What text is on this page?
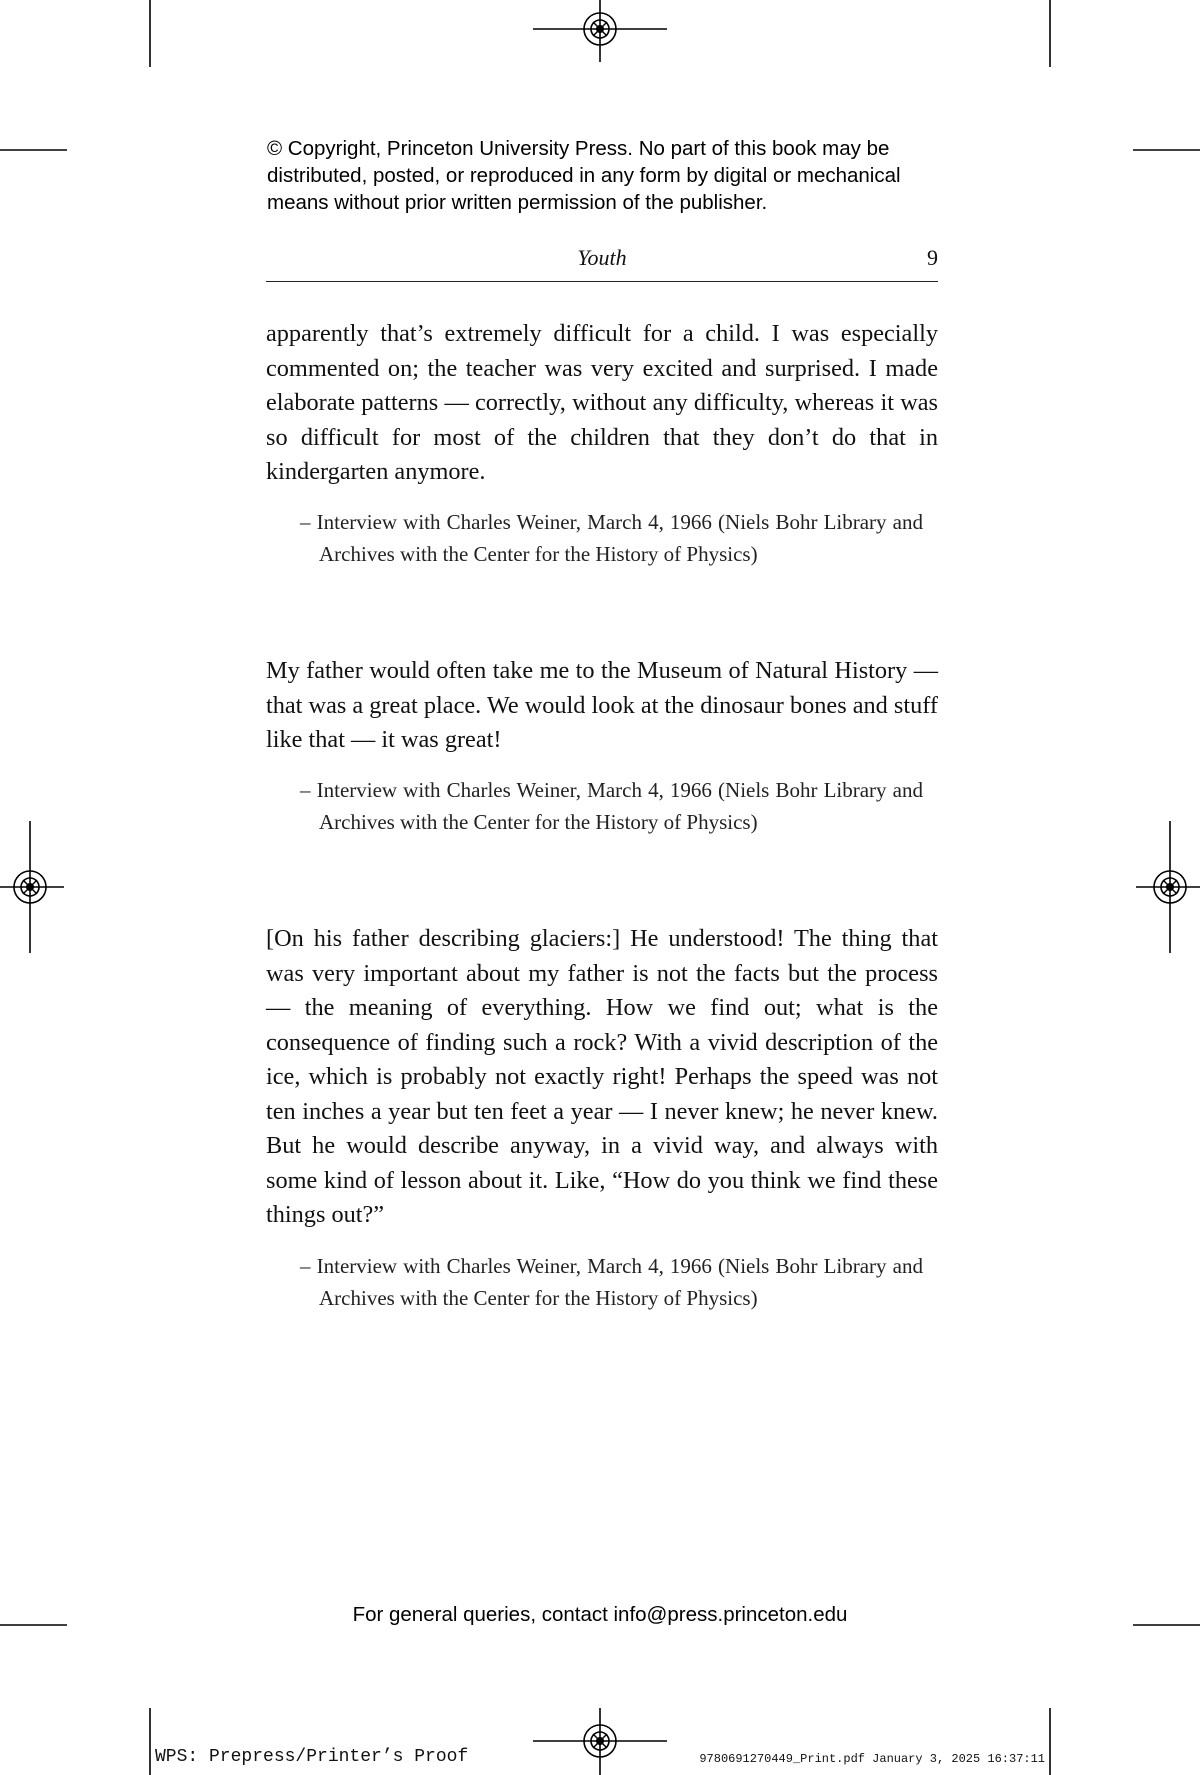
© Copyright, Princeton University Press. No part of this book may be distributed, posted, or reproduced in any form by digital or mechanical means without prior written permission of the publisher.

Youth	9

apparently that’s extremely difficult for a child. I was especially commented on; the teacher was very excited and surprised. I made elaborate patterns — correctly, without any difficulty, whereas it was so difficult for most of the children that they don’t do that in kindergarten anymore.

– Interview with Charles Weiner, March 4, 1966 (Niels Bohr Library and Archives with the Center for the History of Physics)

My father would often take me to the Museum of Natural History — that was a great place. We would look at the dinosaur bones and stuff like that — it was great!

– Interview with Charles Weiner, March 4, 1966 (Niels Bohr Library and Archives with the Center for the History of Physics)

[On his father describing glaciers:] He understood! The thing that was very important about my father is not the facts but the process — the meaning of everything. How we find out; what is the consequence of finding such a rock? With a vivid description of the ice, which is probably not exactly right! Perhaps the speed was not ten inches a year but ten feet a year — I never knew; he never knew. But he would describe anyway, in a vivid way, and always with some kind of lesson about it. Like, “How do you think we find these things out?”

– Interview with Charles Weiner, March 4, 1966 (Niels Bohr Library and Archives with the Center for the History of Physics)

For general queries, contact info@press.princeton.edu
WPS: Prepress/Printer’s Proof	9780691270449_Print.pdf January 3, 2025 16:37:11
